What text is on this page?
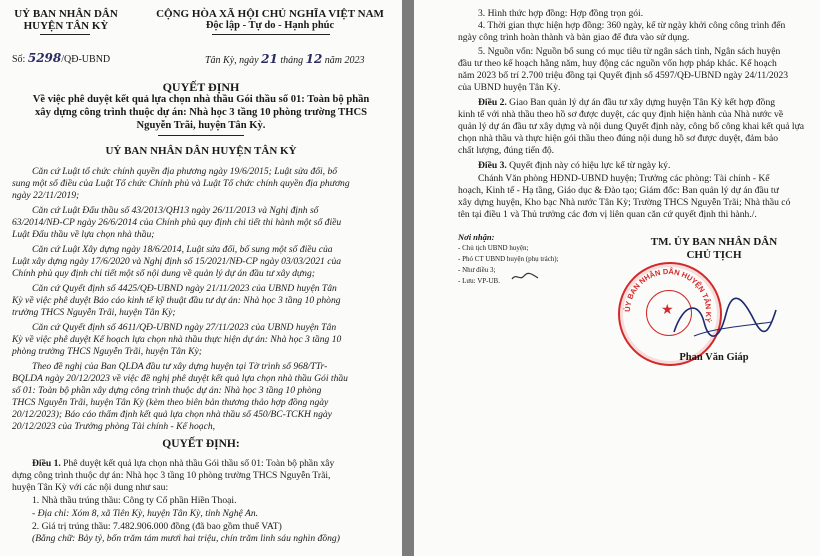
UỶ BAN NHÂN DÂN
HUYỆN TÂN KỲ
CỘNG HÒA XÃ HỘI CHỦ NGHĨA VIỆT NAM
Độc lập - Tự do - Hạnh phúc
Số: 5298/QĐ-UBND	Tân Kỳ, ngày 21 tháng 12 năm 2023
QUYẾT ĐỊNH
Về việc phê duyệt kết quả lựa chọn nhà thầu Gói thầu số 01: Toàn bộ phần
xây dựng công trình thuộc dự án: Nhà học 3 tầng 10 phòng trường THCS
Nguyễn Trãi, huyện Tân Kỳ.
UỶ BAN NHÂN DÂN HUYỆN TÂN KỲ
Căn cứ Luật tổ chức chính quyền địa phương ngày 19/6/2015; Luật sửa đổi, bổ
sung một số điều của Luật Tổ chức Chính phủ và Luật Tổ chức chính quyền địa phương
ngày 22/11/2019;
Căn cứ Luật Đấu thầu số 43/2013/QH13 ngày 26/11/2013 và Nghị định số
63/2014/NĐ-CP ngày 26/6/2014 của Chính phủ quy định chi tiết thi hành một số điều
Luật Đấu thầu về lựa chọn nhà thầu;
Căn cứ Luật Xây dựng ngày 18/6/2014, Luật sửa đổi, bổ sung một số điều của
Luật xây dựng ngày 17/6/2020 và Nghị định số 15/2021/NĐ-CP ngày 03/03/2021 của
Chính phủ quy định chi tiết một số nội dung về quản lý dự án đầu tư xây dựng;
Căn cứ Quyết định số 4425/QĐ-UBND ngày 21/11/2023 của UBND huyện Tân
Kỳ về việc phê duyệt Báo cáo kinh tế kỹ thuật đầu tư dự án: Nhà học 3 tầng 10 phòng
trường THCS Nguyễn Trãi, huyện Tân Kỳ;
Căn cứ Quyết định số 4611/QĐ-UBND ngày 27/11/2023 của UBND huyện Tân
Kỳ về việc phê duyệt Kế hoạch lựa chọn nhà thầu thực hiện dự án: Nhà học 3 tầng 10
phòng trường THCS Nguyễn Trãi, huyện Tân Kỳ;
Theo đề nghị của Ban QLDA đầu tư xây dựng huyện tại Tờ trình số 968/TTr-
BQLDA ngày 20/12/2023 về việc đề nghị phê duyệt kết quả lựa chọn nhà thầu Gói thầu
số 01: Toàn bộ phần xây dựng công trình thuộc dự án: Nhà học 3 tầng 10 phòng
THCS Nguyễn Trãi, huyện Tân Kỳ (kèm theo biên bản thương thảo hợp đồng ngày
20/12/2023); Báo cáo thẩm định kết quả lựa chọn nhà thầu số 450/BC-TCKH ngày
20/12/2023 của Trưởng phòng Tài chính - Kế hoạch,
QUYẾT ĐỊNH:
Điều 1. Phê duyệt kết quả lựa chọn nhà thầu Gói thầu số 01: Toàn bộ phần xây
dựng công trình thuộc dự án: Nhà học 3 tầng 10 phòng trường THCS Nguyễn Trãi,
huyện Tân Kỳ với các nội dung như sau:
1. Nhà thầu trúng thầu: Công ty Cổ phần Hiền Thoại.
- Địa chỉ: Xóm 8, xã Tiên Kỳ, huyện Tân Kỳ, tỉnh Nghệ An.
2. Giá trị trúng thầu: 7.482.906.000 đồng (đã bao gồm thuế VAT)
(Bằng chữ: Bảy tỷ, bốn trăm tám mươi hai triệu, chín trăm linh sáu nghìn đồng)
3. Hình thức hợp đồng: Hợp đồng trọn gói.
4. Thời gian thực hiện hợp đồng: 360 ngày, kể từ ngày khởi công công trình đến
ngày công trình hoàn thành và bàn giao để đưa vào sử dụng.
5. Nguồn vốn: Nguồn bổ sung có mục tiêu từ ngân sách tỉnh, Ngân sách huyện
đầu tư theo kế hoạch hằng năm, huy động các nguồn vốn hợp pháp khác. Kế hoạch
năm 2023 bố trí 2.700 triệu đồng tại Quyết định số 4597/QĐ-UBND ngày 24/11/2023
của UBND huyện Tân Kỳ.
Điều 2. Giao Ban quản lý dự án đầu tư xây dựng huyện Tân Kỳ kết hợp đồng
kinh tế với nhà thầu theo hồ sơ được duyệt, các quy định hiện hành của Nhà nước về
quản lý dự án đầu tư xây dựng và nội dung Quyết định này, công bố công khai kết quả lựa
chọn nhà thầu và thực hiện gói thầu theo đúng nội dung hồ sơ được duyệt, đảm bảo
chất lượng, đúng tiến độ.
Điều 3. Quyết định này có hiệu lực kể từ ngày ký.
Chánh Văn phòng HĐND-UBND huyện; Trưởng các phòng: Tài chính - Kế
hoạch, Kinh tế - Hạ tầng, Giáo dục & Đào tạo; Giám đốc: Ban quản lý dự án đầu tư
xây dựng huyện, Kho bạc Nhà nước Tân Kỳ; Trường THCS Nguyễn Trãi; Nhà thầu có
tên tại điều 1 và Thủ trưởng các đơn vị liên quan căn cứ quyết định thi hành./.
Nơi nhận:
- Chủ tịch UBND huyện;
- Phó CT UBND huyện (phụ trách);
- Như điều 3;
- Lưu: VP-UB.
TM. ỦY BAN NHÂN DÂN
CHỦ TỊCH
★
ỦY BAN NHÂN DÂN HUYỆN TÂN KỲ
Phan Văn Giáp
